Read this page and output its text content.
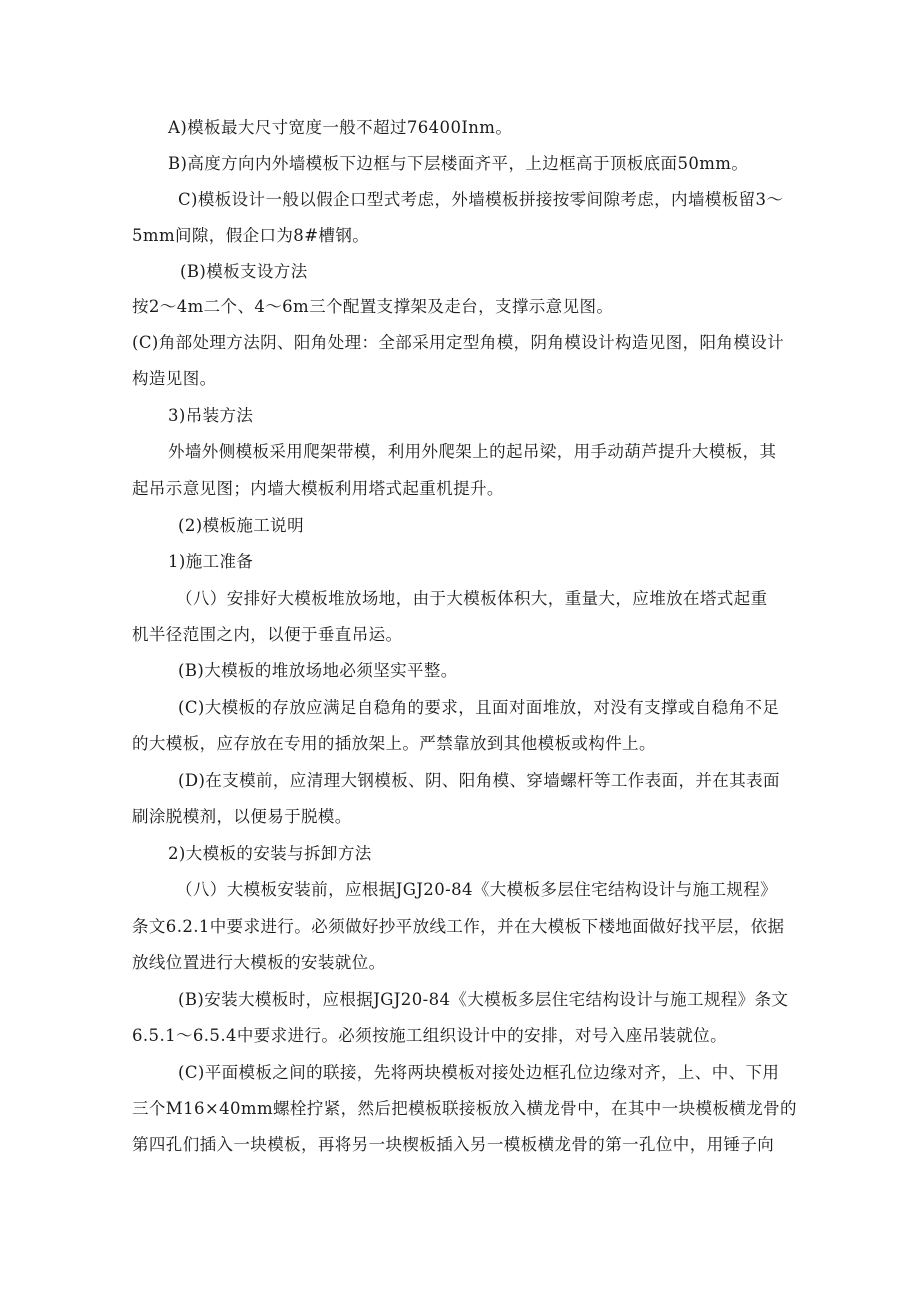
A)模板最大尺寸宽度一般不超过76400Inm。
B)高度方向内外墙模板下边框与下层楼面齐平，上边框高于顶板底面50mm。
C)模板设计一般以假企口型式考虑，外墙模板拼接按零间隙考虑，内墙模板留3～
5mm间隙，假企口为8#槽钢。
(B)模板支设方法
按2～4m二个、4～6m三个配置支撑架及走台，支撑示意见图。
(C)角部处理方法阴、阳角处理：全部采用定型角模，阴角模设计构造见图，阳角模设计
构造见图。
3)吊装方法
外墙外侧模板采用爬架带模，利用外爬架上的起吊梁，用手动葫芦提升大模板，其
起吊示意见图；内墙大模板利用塔式起重机提升。
(2)模板施工说明
1)施工准备
（八）安排好大模板堆放场地，由于大模板体积大，重量大，应堆放在塔式起重
机半径范围之内，以便于垂直吊运。
(B)大模板的堆放场地必须坚实平整。
(C)大模板的存放应满足自稳角的要求，且面对面堆放，对没有支撑或自稳角不足
的大模板，应存放在专用的插放架上。严禁靠放到其他模板或构件上。
(D)在支模前，应清理大钢模板、阴、阳角模、穿墙螺杆等工作表面，并在其表面
刷涂脱模剂，以便易于脱模。
2)大模板的安装与拆卸方法
（八）大模板安装前，应根据JGJ20-84《大模板多层住宅结构设计与施工规程》
条文6.2.1中要求进行。必须做好抄平放线工作，并在大模板下楼地面做好找平层，依据
放线位置进行大模板的安装就位。
(B)安装大模板时，应根据JGJ20-84《大模板多层住宅结构设计与施工规程》条文
6.5.1～6.5.4中要求进行。必须按施工组织设计中的安排，对号入座吊装就位。
(C)平面模板之间的联接，先将两块模板对接处边框孔位边缘对齐，上、中、下用
三个M16×40mm螺栓拧紧，然后把模板联接板放入横龙骨中，在其中一块模板横龙骨的
第四孔们插入一块模板，再将另一块楔板插入另一模板横龙骨的第一孔位中，用锤子向
